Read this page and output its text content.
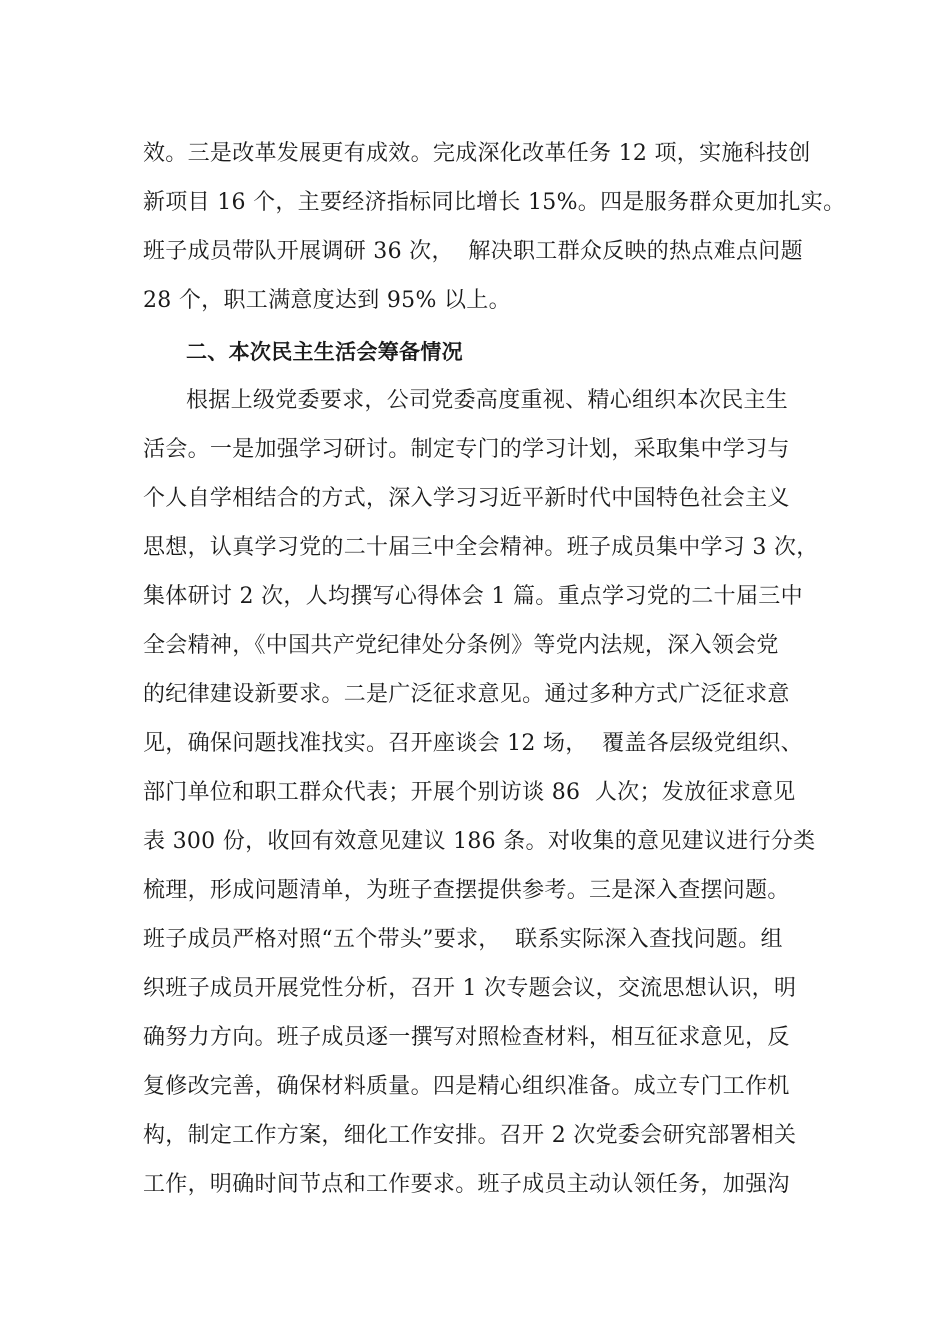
效。三是改革发展更有成效。完成深化改革任务 12 项，实施科技创
新项目 16 个，主要经济指标同比增长 15%。四是服务群众更加扎实。
班子成员带队开展调研 36 次，  解决职工群众反映的热点难点问题
28 个，职工满意度达到 95% 以上。
二、本次民主生活会筹备情况
根据上级党委要求，公司党委高度重视、精心组织本次民主生
活会。一是加强学习研讨。制定专门的学习计划，采取集中学习与
个人自学相结合的方式，深入学习习近平新时代中国特色社会主义
思想，认真学习党的二十届三中全会精神。班子成员集中学习 3 次，
集体研讨 2 次，人均撰写心得体会 1 篇。重点学习党的二十届三中
全会精神，《中国共产党纪律处分条例》等党内法规，深入领会党
的纪律建设新要求。二是广泛征求意见。通过多种方式广泛征求意
见，确保问题找准找实。召开座谈会 12 场，  覆盖各层级党组织、
部门单位和职工群众代表；开展个别访谈 86  人次；发放征求意见
表 300 份，收回有效意见建议 186 条。对收集的意见建议进行分类
梳理，形成问题清单，为班子查摆提供参考。三是深入查摆问题。
班子成员严格对照“五个带头”要求，  联系实际深入查找问题。组
织班子成员开展党性分析，召开 1 次专题会议，交流思想认识，明
确努力方向。班子成员逐一撰写对照检查材料，相互征求意见，反
复修改完善，确保材料质量。四是精心组织准备。成立专门工作机
构，制定工作方案，细化工作安排。召开 2 次党委会研究部署相关
工作，明确时间节点和工作要求。班子成员主动认领任务，加强沟
